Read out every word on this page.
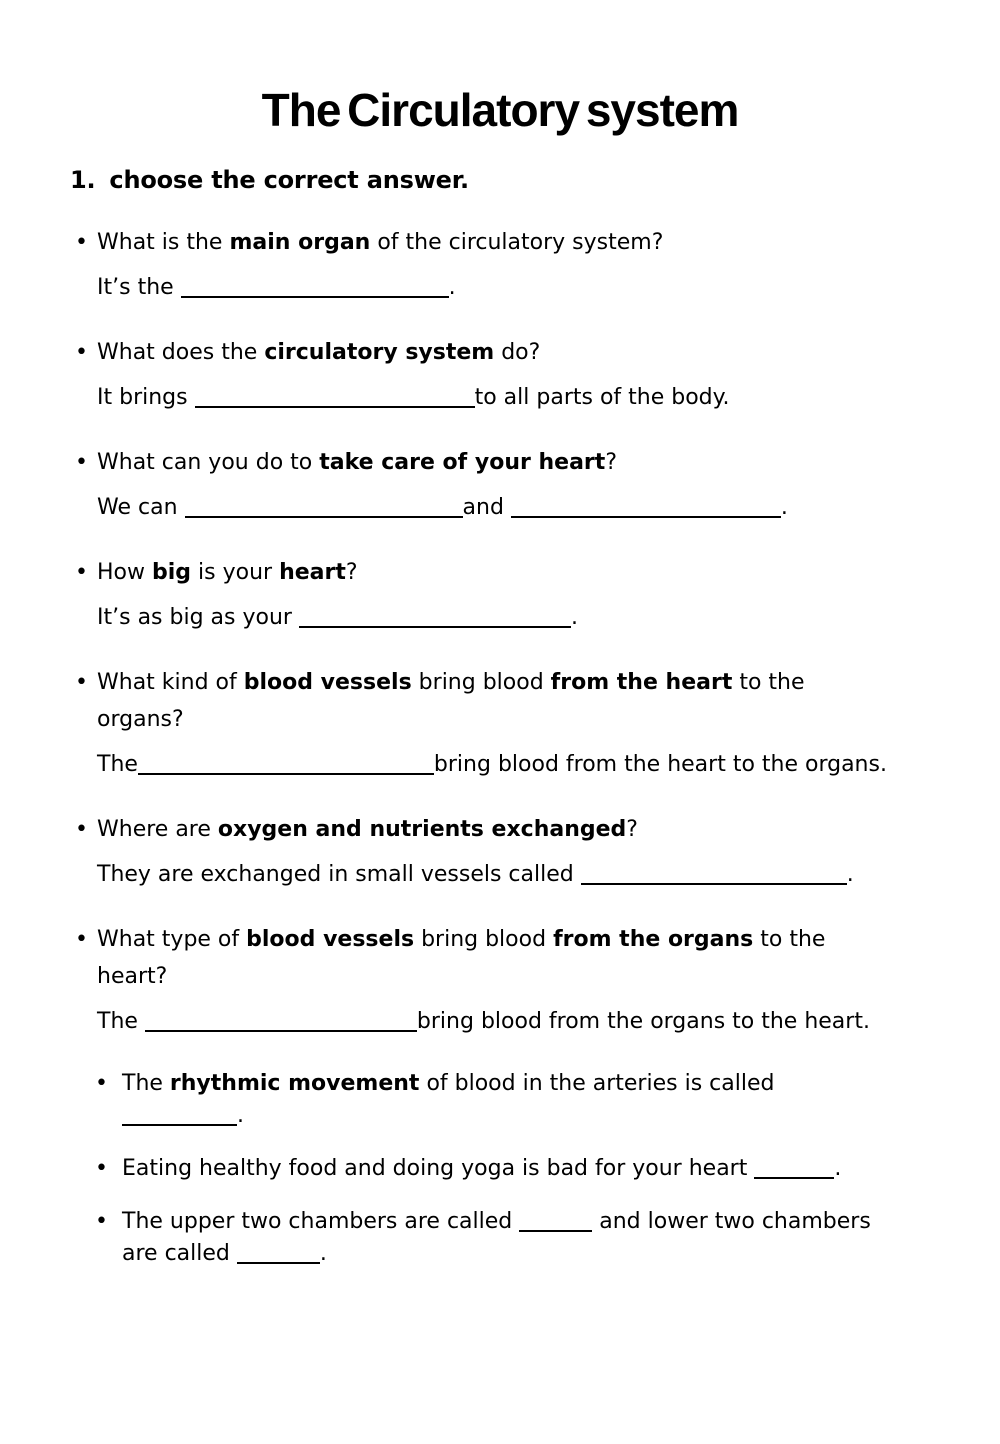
The Circulatory system
1. choose the correct answer.
• What is the main organ of the circulatory system?
It’s the	.
• What does the circulatory system do?
It brings	to all parts of the body.
• What can you do to take care of your heart?
We can	and	.
• How big is your heart?
It’s as big as your	.
• What kind of blood vessels bring blood from the heart to the
organs?
The	bring blood from the heart to the organs.
• Where are oxygen and nutrients exchanged?
They are exchanged in small vessels called	.
• What type of blood vessels bring blood from the organs to the
heart?
The	bring blood from the organs to the heart.
• The rhythmic movement of blood in the arteries is called
.
• Eating healthy food and doing yoga is bad for your heart	.
• The upper two chambers are called	and lower two chambers
are called	.
